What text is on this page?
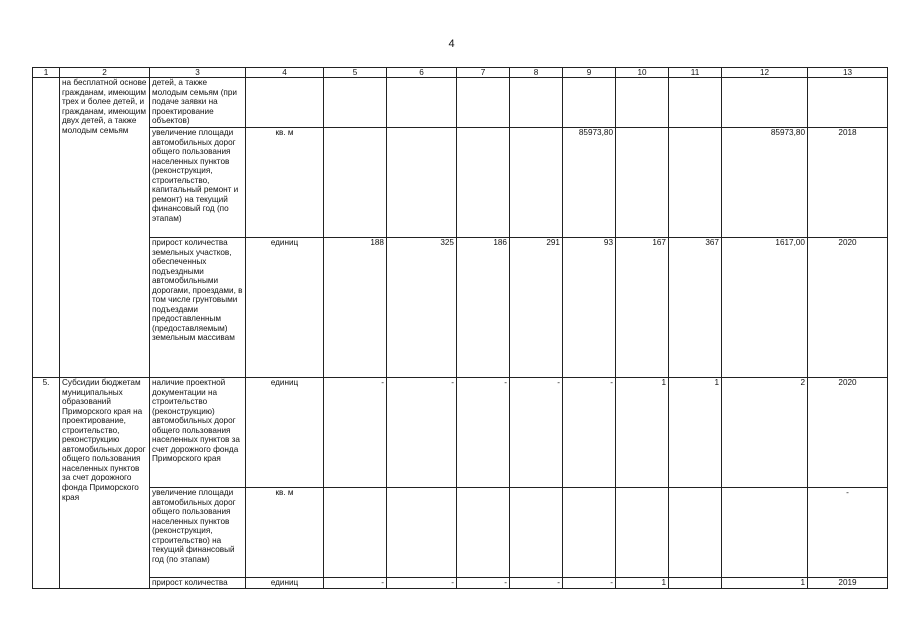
4
1	2	3	4	5	6	7	8	9	10	11	12	13
	на бесплатной основе гражданам, имеющим трех и более детей, и гражданам, имеющим двух детей, а также молодым семьям	детей, а также молодым семьям (при подаче заявки на проектирование объектов)										
		увеличение площади автомобильных дорог общего пользования населенных пунктов (реконструкция, строительство, капитальный ремонт и ремонт) на текущий финансовый год (по этапам)	кв. м					85973,80			85973,80	2018
		прирост количества земельных участков, обеспеченных подъездными автомобильными дорогами, проездами, в том числе грунтовыми подъездами предоставленным (предоставляемым) земельным массивам	единиц	188	325	186	291	93	167	367	1617,00	2020
5.	Субсидии бюджетам муниципальных образований Приморского края на проектирование, строительство, реконструкцию автомобильных дорог общего пользования населенных пунктов за счет дорожного фонда Приморского края	наличие проектной документации на строительство (реконструкцию) автомобильных дорог общего пользования населенных пунктов за счет дорожного фонда Приморского края	единиц	-	-	-	-	-	1	1	2	2020
		увеличение площади автомобильных дорог общего пользования населенных пунктов (реконструкция, строительство) на текущий финансовый год (по этапам)	кв. м									-
		прирост количества	единиц	-	-	-	-	-	1		1	2019
